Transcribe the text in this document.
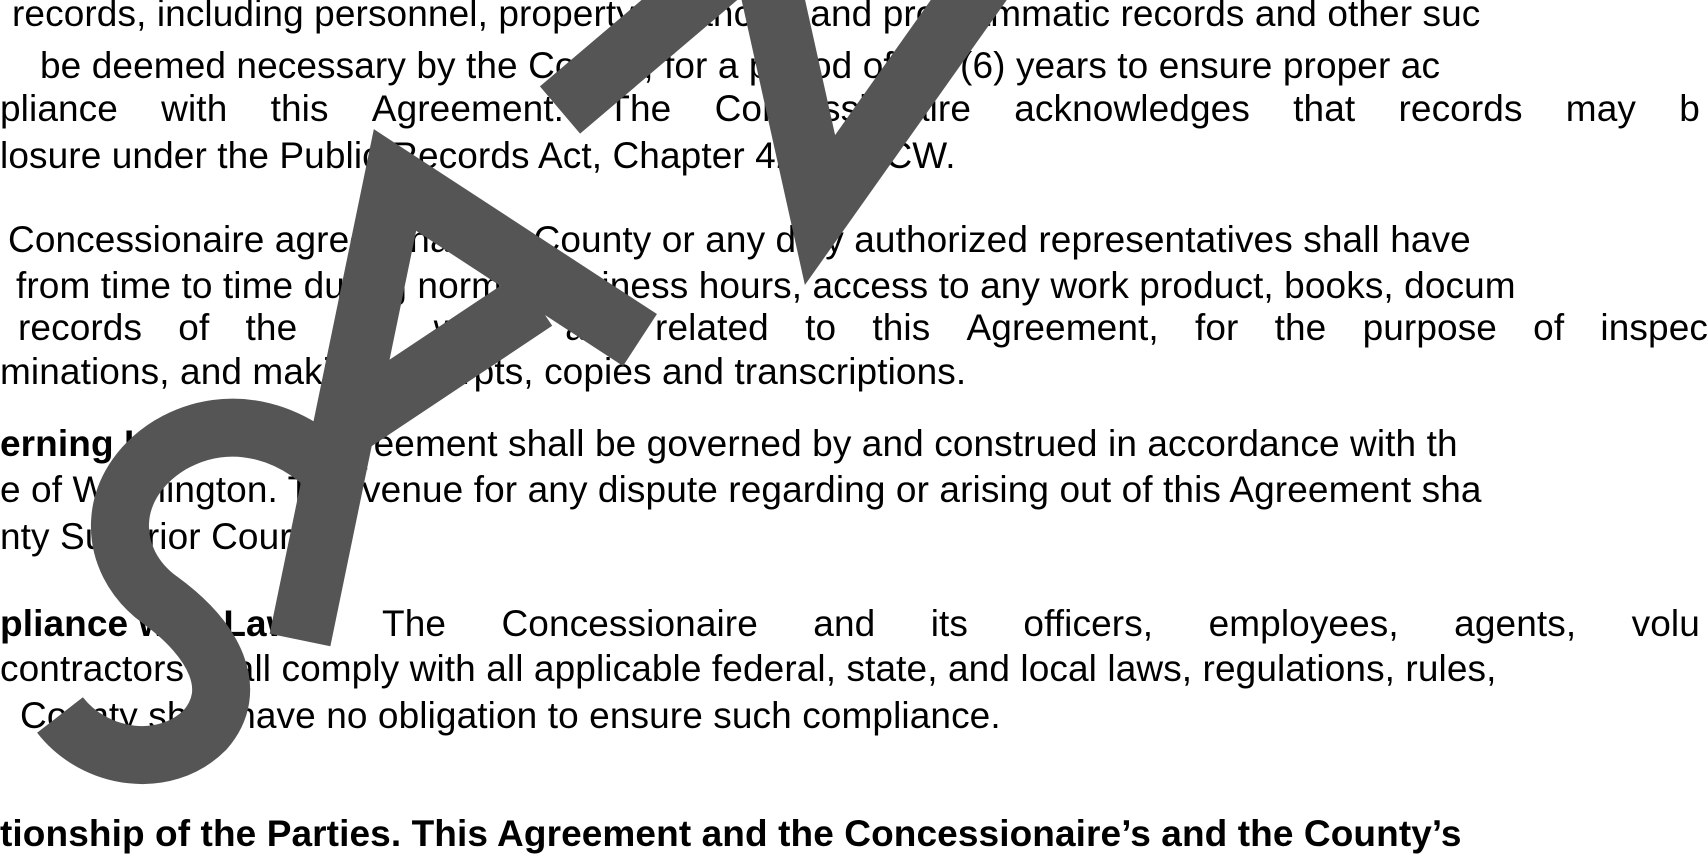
records, including personnel, property, financial, and programmatic records and other suc
be deemed necessary by the County, for a period of six (6) years to ensure proper ac
pliance with this Agreement. The Concessionaire acknowledges that records may b
losure under the Public Records Act, Chapter 42.56 RCW.
Concessionaire agrees that the County or any duly authorized representatives shall have
from time to time during normal business hours, access to any work product, books, docum
records of the City which are related to this Agreement, for the purpose of inspec
minations, and making excerpts, copies and transcriptions.
erning Laws. This Agreement shall be governed by and construed in accordance with th
e of Washington. The venue for any dispute regarding or arising out of this Agreement sha
nty Superior Court.
pliance with Laws . The Concessionaire and its officers, employees, agents, volu
contractors shall comply with all applicable federal, state, and local laws, regulations, rules,
County shall have no obligation to ensure such compliance.
tionship of the Parties. This Agreement and the Concessionaire’s and the County’s
